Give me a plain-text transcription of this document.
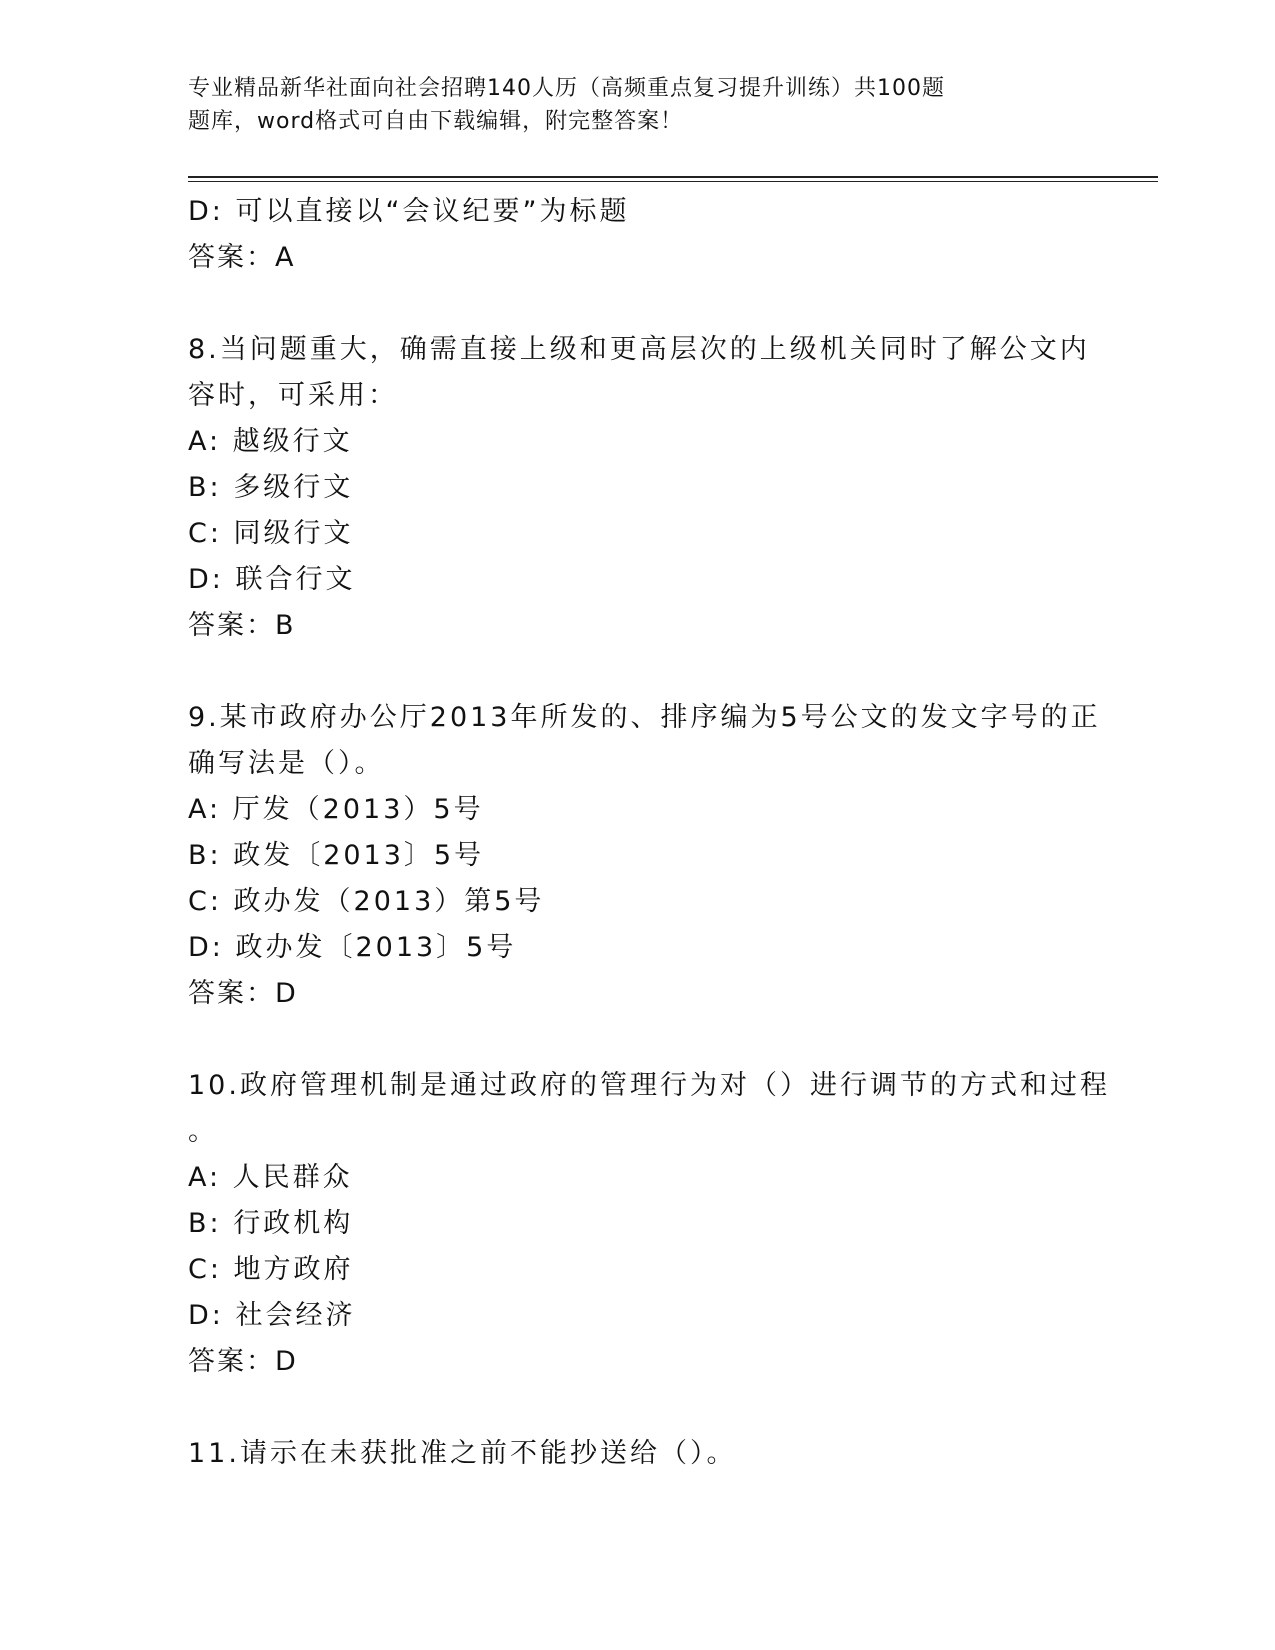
专业精品新华社面向社会招聘140人历（高频重点复习提升训练）共100题
题库，word格式可自由下载编辑，附完整答案！
D: 可以直接以“会议纪要”为标题
答案：A
8.当问题重大，确需直接上级和更高层次的上级机关同时了解公文内
容时，可采用：
A: 越级行文
B: 多级行文
C: 同级行文
D: 联合行文
答案：B
9.某市政府办公厅2013年所发的、排序编为5号公文的发文字号的正
确写法是（）。
A: 厅发（2013）5号
B: 政发〔2013〕5号
C: 政办发（2013）第5号
D: 政办发〔2013〕5号
答案：D
10.政府管理机制是通过政府的管理行为对（）进行调节的方式和过程
。
A: 人民群众
B: 行政机构
C: 地方政府
D: 社会经济
答案：D
11.请示在未获批准之前不能抄送给（）。
